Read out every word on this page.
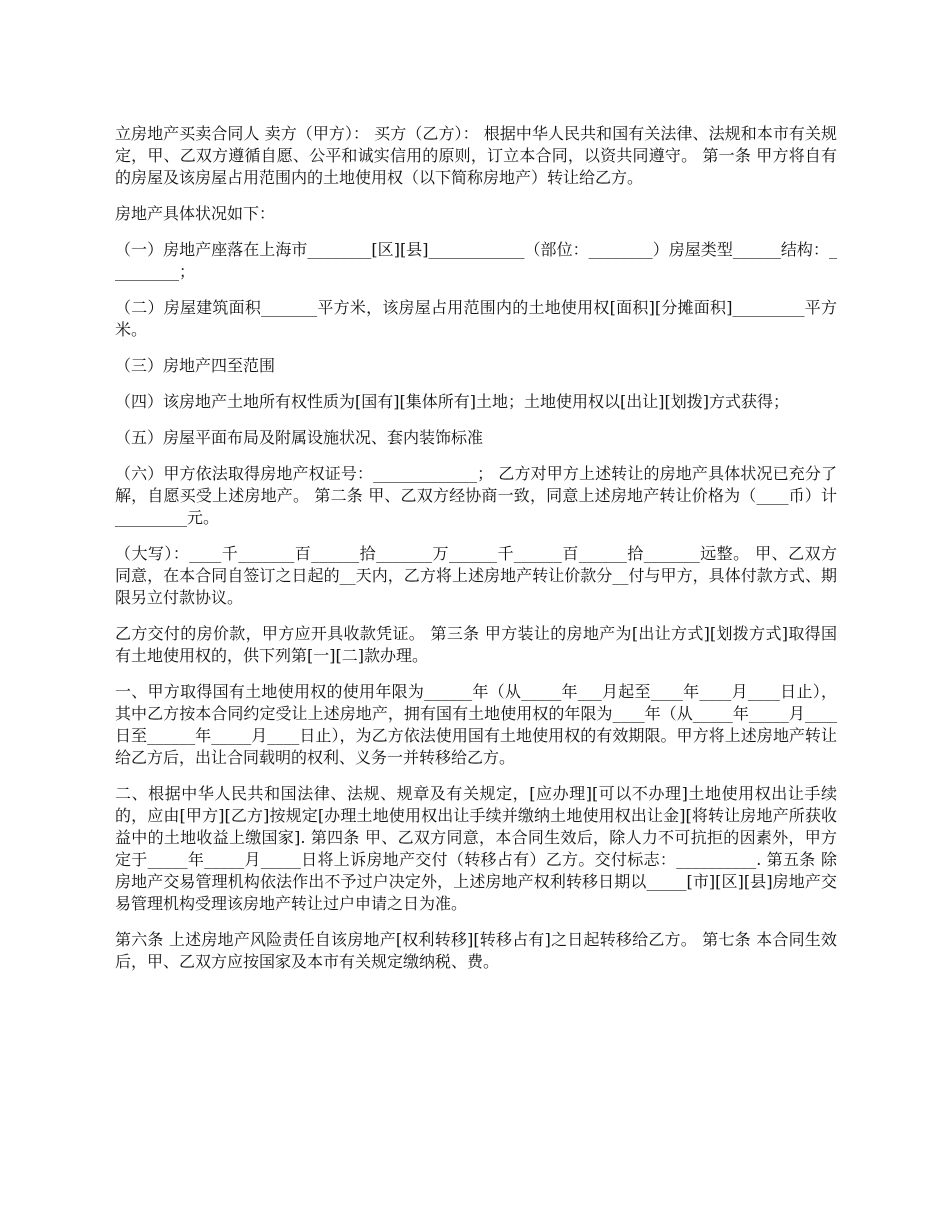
立房地产买卖合同人 卖方（甲方）： 买方（乙方）： 根据中华人民共和国有关法律、法规和本市有关规定，甲、乙双方遵循自愿、公平和诚实信用的原则，订立本合同，以资共同遵守。 第一条 甲方将自有的房屋及该房屋占用范围内的土地使用权（以下简称房地产）转让给乙方。

房地产具体状况如下：

（一）房地产座落在上海市________[区][县]____________（部位：________）房屋类型______结构：_________；

（二）房屋建筑面积_______平方米，该房屋占用范围内的土地使用权[面积][分摊面积]_________平方米。

（三）房地产四至范围

（四）该房地产土地所有权性质为[国有][集体所有]土地；土地使用权以[出让][划拨]方式获得；

（五）房屋平面布局及附属设施状况、套内装饰标准

（六）甲方依法取得房地产权证号：_____________； 乙方对甲方上述转让的房地产具体状况已充分了解，自愿买受上述房地产。 第二条 甲、乙双方经协商一致，同意上述房地产转让价格为（____币）计_________元。

（大写）：____千_______百______拾_______万______千______百______拾_______远整。 甲、乙双方同意，在本合同自签订之日起的__天内，乙方将上述房地产转让价款分__付与甲方，具体付款方式、期限另立付款协议。

乙方交付的房价款，甲方应开具收款凭证。 第三条 甲方装让的房地产为[出让方式][划拨方式]取得国有土地使用权的，供下列第[一][二]款办理。

一、甲方取得国有土地使用权的使用年限为______年（从_____年___月起至____年____月____日止），其中乙方按本合同约定受让上述房地产，拥有国有土地使用权的年限为____年（从_____年_____月____日至______年_____月____日止），为乙方依法使用国有土地使用权的有效期限。甲方将上述房地产转让给乙方后，出让合同载明的权利、义务一并转移给乙方。

二、根据中华人民共和国法律、法规、规章及有关规定，[应办理][可以不办理]土地使用权出让手续的，应由[甲方][乙方]按规定[办理土地使用权出让手续并缴纳土地使用权出让金][将转让房地产所获收益中的土地收益上缴国家]. 第四条 甲、乙双方同意，本合同生效后，除人力不可抗拒的因素外，甲方定于_____年_____月_____日将上诉房地产交付（转移占有）乙方。交付标志：__________. 第五条 除房地产交易管理机构依法作出不予过户决定外，上述房地产权利转移日期以_____[市][区][县]房地产交易管理机构受理该房地产转让过户申请之日为准。

第六条 上述房地产风险责任自该房地产[权利转移][转移占有]之日起转移给乙方。 第七条 本合同生效后，甲、乙双方应按国家及本市有关规定缴纳税、费。
